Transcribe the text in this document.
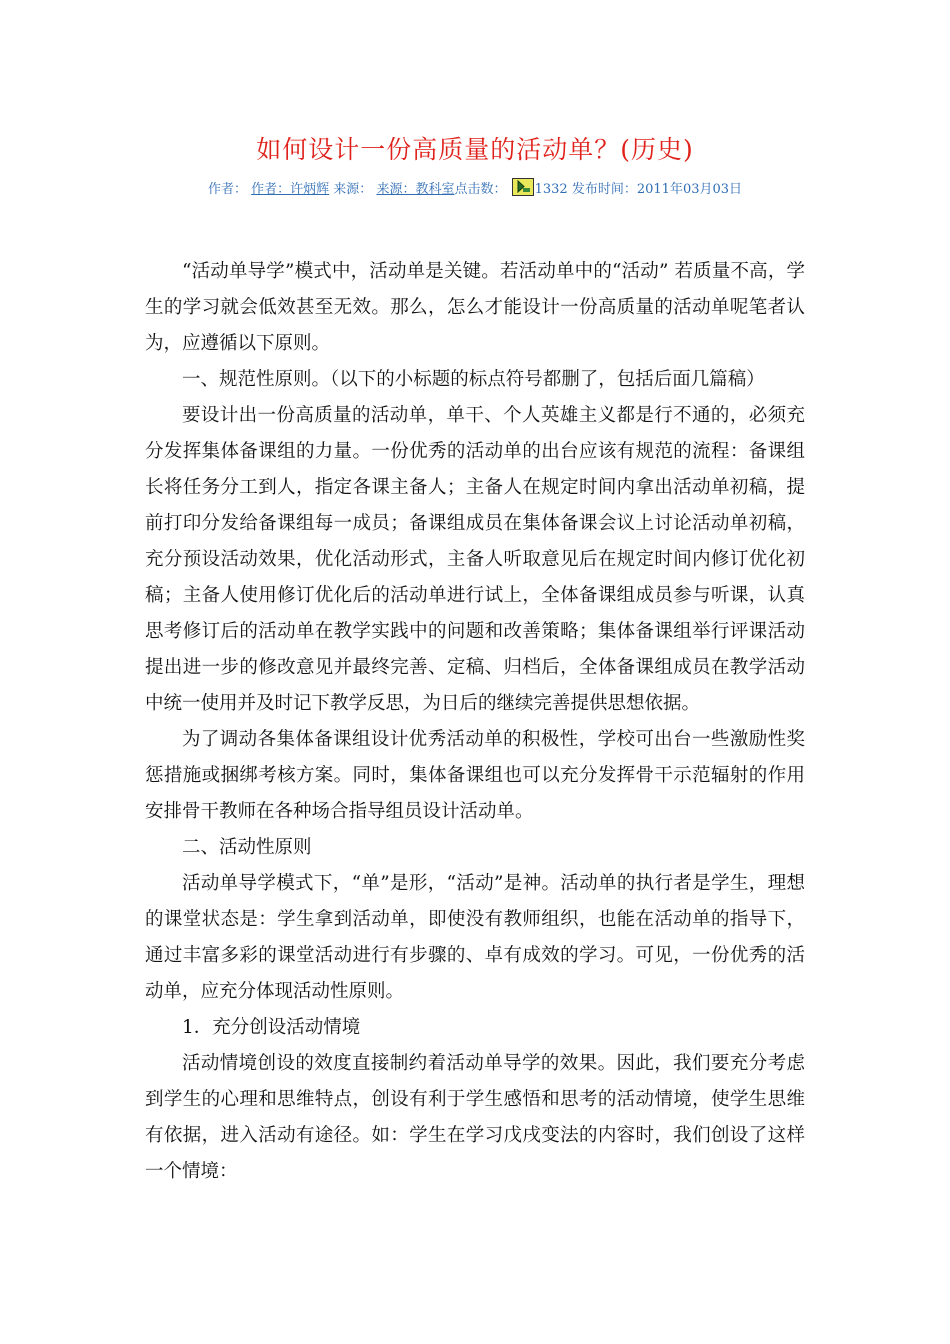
如何设计一份高质量的活动单？(历史)
作者： 作者：许炳辉 来源： 来源：教科室点击数： 1332 发布时间：2011年03月03日

“活动单导学”模式中，活动单是关键。若活动单中的“活动” 若质量不高，学生的学习就会低效甚至无效。那么，怎么才能设计一份高质量的活动单呢笔者认为，应遵循以下原则。

一、规范性原则。（以下的小标题的标点符号都删了，包括后面几篇稿）

要设计出一份高质量的活动单，单干、个人英雄主义都是行不通的，必须充分发挥集体备课组的力量。一份优秀的活动单的出台应该有规范的流程：备课组长将任务分工到人，指定各课主备人；主备人在规定时间内拿出活动单初稿，提前打印分发给备课组每一成员；备课组成员在集体备课会议上讨论活动单初稿，充分预设活动效果，优化活动形式，主备人听取意见后在规定时间内修订优化初稿；主备人使用修订优化后的活动单进行试上，全体备课组成员参与听课，认真思考修订后的活动单在教学实践中的问题和改善策略；集体备课组举行评课活动提出进一步的修改意见并最终完善、定稿、归档后，全体备课组成员在教学活动中统一使用并及时记下教学反思，为日后的继续完善提供思想依据。

为了调动各集体备课组设计优秀活动单的积极性，学校可出台一些激励性奖惩措施或捆绑考核方案。同时，集体备课组也可以充分发挥骨干示范辐射的作用安排骨干教师在各种场合指导组员设计活动单。

二、活动性原则

活动单导学模式下，“单”是形，“活动”是神。活动单的执行者是学生，理想的课堂状态是：学生拿到活动单，即使没有教师组织，也能在活动单的指导下，通过丰富多彩的课堂活动进行有步骤的、卓有成效的学习。可见，一份优秀的活动单，应充分体现活动性原则。

1．充分创设活动情境

活动情境创设的效度直接制约着活动单导学的效果。因此，我们要充分考虑到学生的心理和思维特点，创设有利于学生感悟和思考的活动情境，使学生思维有依据，进入活动有途径。如：学生在学习戊戌变法的内容时，我们创设了这样一个情境：
